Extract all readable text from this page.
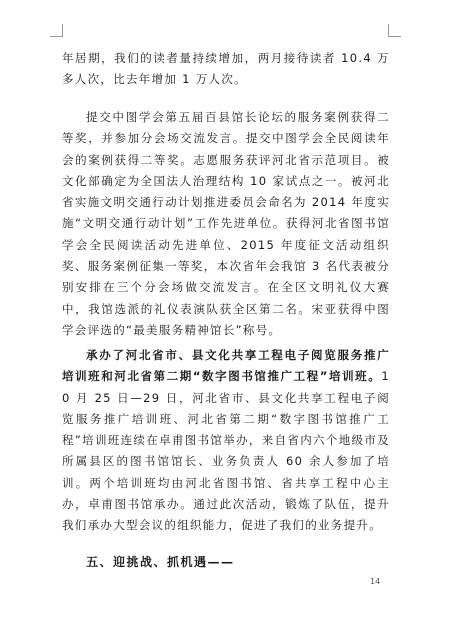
年居期，我们的读者量持续增加，两月接待读者 10.4 万多人次，比去年增加 1 万人次。

提交中图学会第五届百县馆长论坛的服务案例获得二等奖，并参加分会场交流发言。提交中图学会全民阅读年会的案例获得二等奖。志愿服务获评河北省示范项目。被文化部确定为全国法人治理结构 10 家试点之一。被河北省实施文明交通行动计划推进委员会命名为 2014 年度实施“文明交通行动计划”工作先进单位。获得河北省图书馆学会全民阅读活动先进单位、2015 年度征文活动组织奖、服务案例征集一等奖，本次省年会我馆 3 名代表被分别安排在三个分会场做交流发言。在全区文明礼仪大赛中，我馆选派的礼仪表演队获全区第二名。宋亚获得中图学会评选的“最美服务精神馆长”称号。

承办了河北省市、县文化共享工程电子阅览服务推广培训班和河北省第二期“数字图书馆推广工程”培训班。10 月 25 日—29 日，河北省市、县文化共享工程电子阅览服务推广培训班、河北省第二期“数字图书馆推广工程”培训班连续在卓甫图书馆举办，来自省内六个地级市及所属县区的图书馆馆长、业务负责人 60 余人参加了培训。两个培训班均由河北省图书馆、省共享工程中心主办，卓甫图书馆承办。通过此次活动，锻炼了队伍，提升我们承办大型会议的组织能力，促进了我们的业务提升。

五、迎挑战、抓机遇——
14
